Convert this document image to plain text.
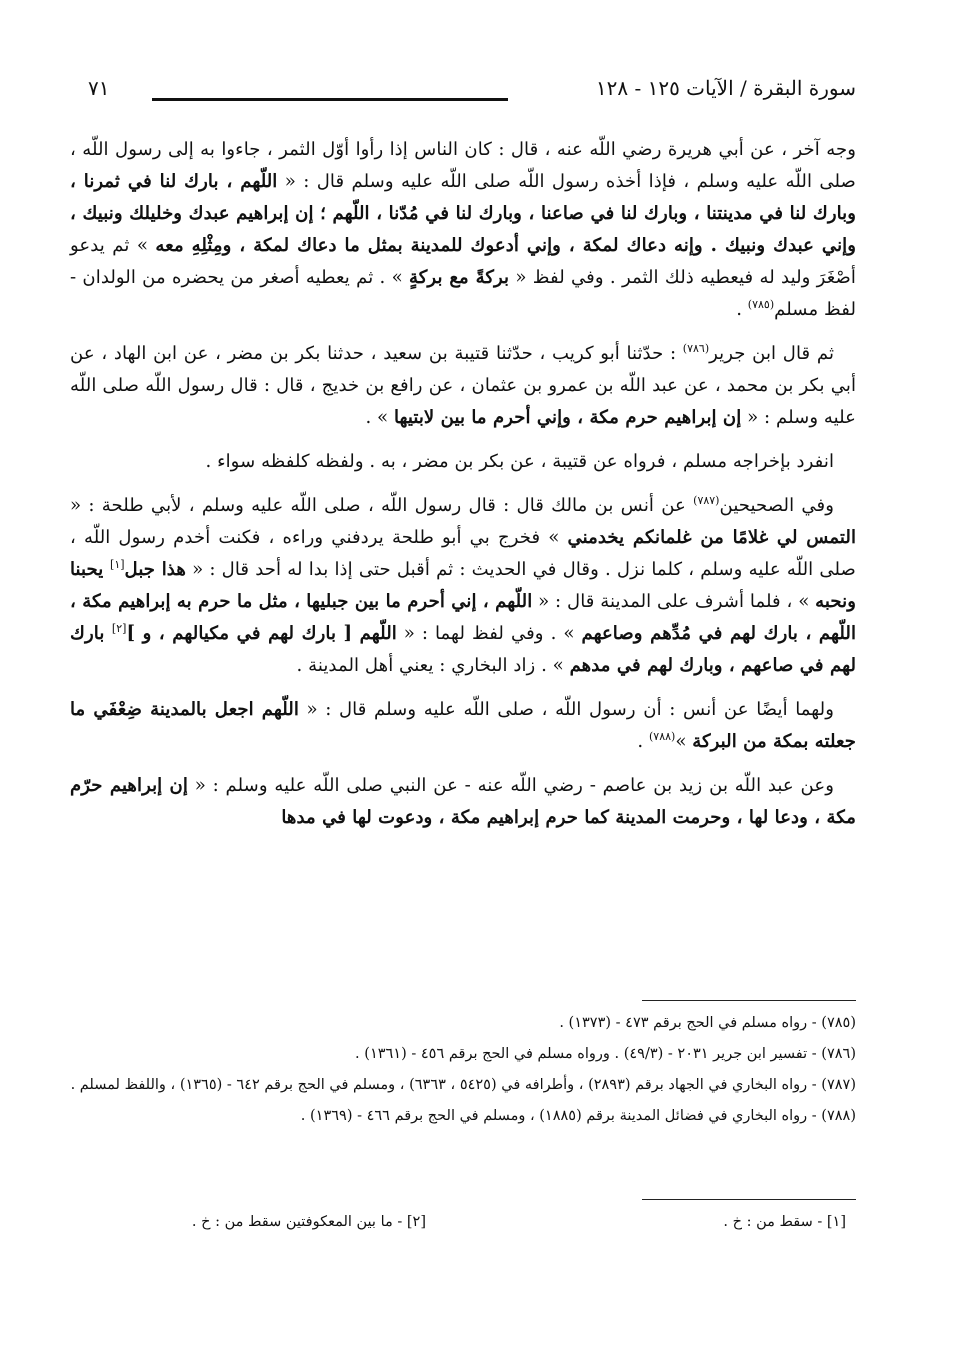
سورة البقرة / الآيات ١٢٥ - ١٢٨
٧١

وجه آخر ، عن أبي هريرة رضي اللّه عنه ، قال : كان الناس إذا رأوا أوّل الثمر ، جاءوا به إلى رسول اللّه ، صلى اللّه عليه وسلم ، فإذا أخذه رسول اللّه صلى اللّه عليه وسلم قال : « اللّهم ، بارك لنا في ثمرنا ، وبارك لنا في مدينتنا ، وبارك لنا في صاعنا ، وبارك لنا في مُدّنا ، اللّهم ؛ إن إبراهيم عبدك وخليلك ونبيك ، وإني عبدك ونبيك . وإنه دعاك لمكة ، وإني أدعوك للمدينة بمثل ما دعاك لمكة ، ومِثْلِهِ معه » ثم يدعو أصْغَرَ وليد له فيعطيه ذلك الثمر . وفي لفظ « بركةً مع بركةٍ » . ثم يعطيه أصغر من يحضره من الولدان - لفظ مسلم$^{(٧٨٥)}$ .

ثم قال ابن جرير$^{(٧٨٦)}$ : حدّثنا أبو كريب ، حدّثنا قتيبة بن سعيد ، حدثنا بكر بن مضر ، عن ابن الهاد ، عن أبي بكر بن محمد ، عن عبد اللّه بن عمرو بن عثمان ، عن رافع بن خديج ، قال : قال رسول اللّه صلى اللّه عليه وسلم : « إن إبراهيم حرم مكة ، وإني أحرم ما بين لابتيها » .

انفرد بإخراجه مسلم ، فرواه عن قتيبة ، عن بكر بن مضر ، به . ولفظه كلفظه سواء .

وفي الصحيحين$^{(٧٨٧)}$ عن أنس بن مالك قال : قال رسول اللّه ، صلى اللّه عليه وسلم ، لأبي طلحة : « التمس لي غلامًا من غلمانكم يخدمني » فخرج بي أبو طلحة يردفني وراءه ، فكنت أخدم رسول اللّه ، صلى اللّه عليه وسلم ، كلما نزل . وقال في الحديث : ثم أقبل حتى إذا بدا له أحد قال : « هذا جبل[١] يحبنا ونحبه » ، فلما أشرف على المدينة قال : « اللّهم ، إني أحرم ما بين جبليها ، مثل ما حرم به إبراهيم مكة ، اللّهم ، بارك لهم في مُدِّهم وصاعهم » . وفي لفظ لهما : « اللّهم [ بارك لهم في مكيالهم ، و ][٢] بارك لهم في صاعهم ، وبارك لهم في مدهم » . زاد البخاري : يعني أهل المدينة .

ولهما أيضًا عن أنس : أن رسول اللّه ، صلى اللّه عليه وسلم قال : « اللّهم اجعل بالمدينة ضِعْفَي ما جعلته بمكة من البركة »$^{(٧٨٨)}$ .

وعن عبد اللّه بن زيد بن عاصم - رضي اللّه عنه - عن النبي صلى اللّه عليه وسلم : « إن إبراهيم حرّم مكة ، ودعا لها ، وحرمت المدينة كما حرم إبراهيم مكة ، ودعوت لها في مدها

(٧٨٥) - رواه مسلم في الحج برقم ٤٧٣ - (١٣٧٣) .
(٧٨٦) - تفسير ابن جرير ٢٠٣١ - (٤٩/٣) . ورواه مسلم في الحج برقم ٤٥٦ - (١٣٦١) .
(٧٨٧) - رواه البخاري في الجهاد برقم (٢٨٩٣) ، وأطرافه في (٥٤٢٥ ، ٦٣٦٣) ، ومسلم في الحج برقم ٦٤٢ - (١٣٦٥) ، واللفظ لمسلم .
(٧٨٨) - رواه البخاري في فضائل المدينة برقم (١٨٨٥) ، ومسلم في الحج برقم ٤٦٦ - (١٣٦٩) .
[١] - سقط من : خ .
[٢] - ما بين المعكوفتين سقط من : خ .
